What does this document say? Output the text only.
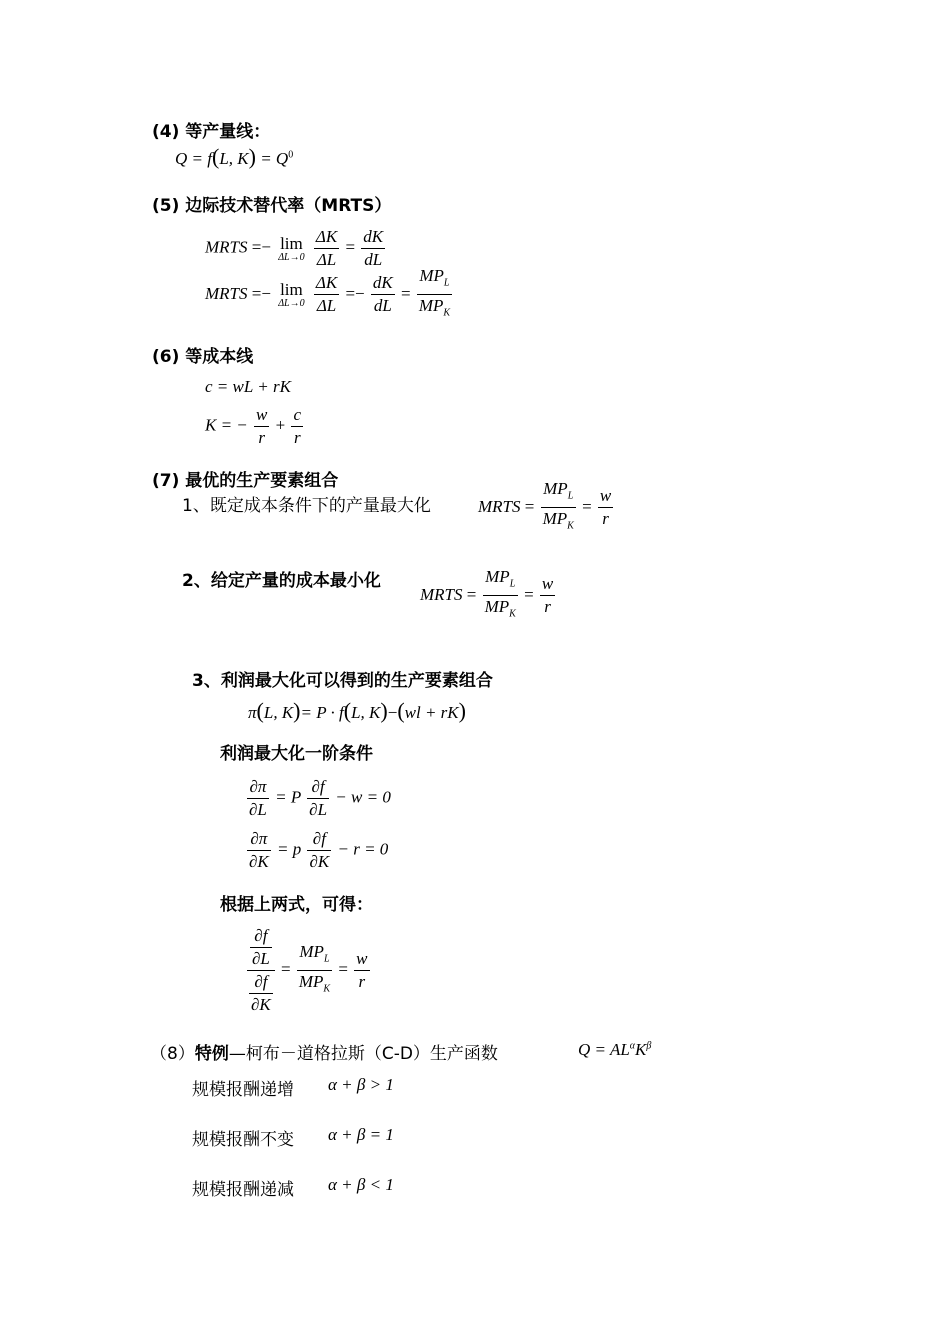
(4) 等产量线：
Q = f(L, $K) = Q^0$
(5) 边际技术替代率（MRTS）
MRTS =− lim
ΔL→0
$\frac{\Delta K}{\Delta L} = \frac{dK}{dL}$
MRTS =− lim
ΔL→0
$\frac{\Delta K}{\Delta L} =- \frac{dK}{dL} = \frac{MP_L}{MP_K}$
(6) 等成本线
c = wL + rK
K = − $\frac{w}{r} + \frac{c}{r}$
(7) 最优的生产要素组合
1、既定成本条件下的产量最大化	MRTS = $\frac{MP_L}{MP_K} = \frac{w}{r}$
2、给定产量的成本最小化
MRTS = $\frac{MP_L}{MP_K} = \frac{w}{r}$
3、利润最大化可以得到的生产要素组合
π(L, K)= P · f(L, K)−(wl + rK)
利润最大化一阶条件
$\frac{\partial\pi}{\partial L} = P \frac{\partial f}{\partial L} - w = 0$
$\frac{\partial\pi}{\partial K} = p \frac{\partial f}{\partial K} - r = 0$
根据上两式，可得：
$\frac{\frac{\partial f}{\partial L}}{\frac{\partial f}{\partial K}} = \frac{MP_L}{MP_K} = \frac{w}{r}$
（8）特例—柯布－道格拉斯（C-D）生产函数	$Q = AL^\alpha K^\beta$
规模报酬递增 α + β > 1
规模报酬不变 α + β = 1
规模报酬递减 α + β < 1
